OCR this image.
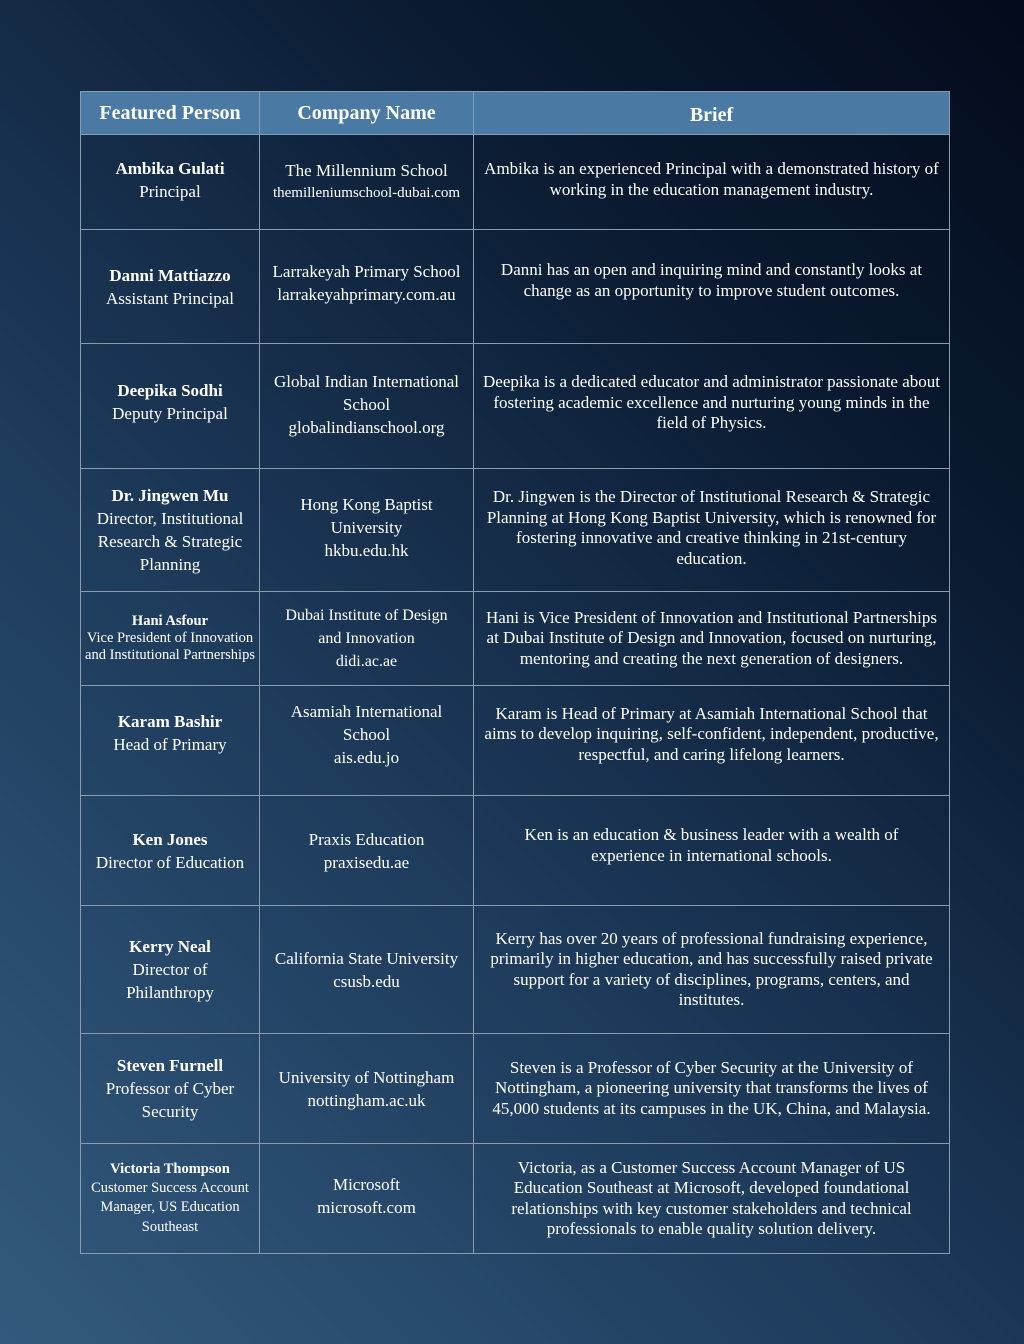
Featured Person	Company Name	Brief
Ambika Gulati
Principal
The Millennium School
themilleniumschool-dubai.com
Ambika is an experienced Principal with a demonstrated history of working in the education management industry.
Danni Mattiazzo
Assistant Principal
Larrakeyah Primary School
larrakeyahprimary.com.au
Danni has an open and inquiring mind and constantly looks at change as an opportunity to improve student outcomes.
Deepika Sodhi
Deputy Principal
Global Indian International School
globalindianschool.org
Deepika is a dedicated educator and administrator passionate about fostering academic excellence and nurturing young minds in the field of Physics.
Dr. Jingwen Mu
Director, Institutional Research & Strategic Planning
Hong Kong Baptist University
hkbu.edu.hk
Dr. Jingwen is the Director of Institutional Research & Strategic Planning at Hong Kong Baptist University, which is renowned for fostering innovative and creative thinking in 21st-century education.
Hani Asfour
Vice President of Innovation and Institutional Partnerships
Dubai Institute of Design and Innovation
didi.ac.ae
Hani is Vice President of Innovation and Institutional Partnerships at Dubai Institute of Design and Innovation, focused on nurturing, mentoring and creating the next generation of designers.
Karam Bashir
Head of Primary
Asamiah International School
ais.edu.jo
Karam is Head of Primary at Asamiah International School that aims to develop inquiring, self-confident, independent, productive, respectful, and caring lifelong learners.
Ken Jones
Director of Education
Praxis Education
praxisedu.ae
Ken is an education & business leader with a wealth of experience in international schools.
Kerry Neal
Director of Philanthropy
California State University
csusb.edu
Kerry has over 20 years of professional fundraising experience, primarily in higher education, and has successfully raised private support for a variety of disciplines, programs, centers, and institutes.
Steven Furnell
Professor of Cyber Security
University of Nottingham
nottingham.ac.uk
Steven is a Professor of Cyber Security at the University of Nottingham, a pioneering university that transforms the lives of 45,000 students at its campuses in the UK, China, and Malaysia.
Victoria Thompson
Customer Success Account Manager, US Education Southeast
Microsoft
microsoft.com
Victoria, as a Customer Success Account Manager of US Education Southeast at Microsoft, developed foundational relationships with key customer stakeholders and technical professionals to enable quality solution delivery.
